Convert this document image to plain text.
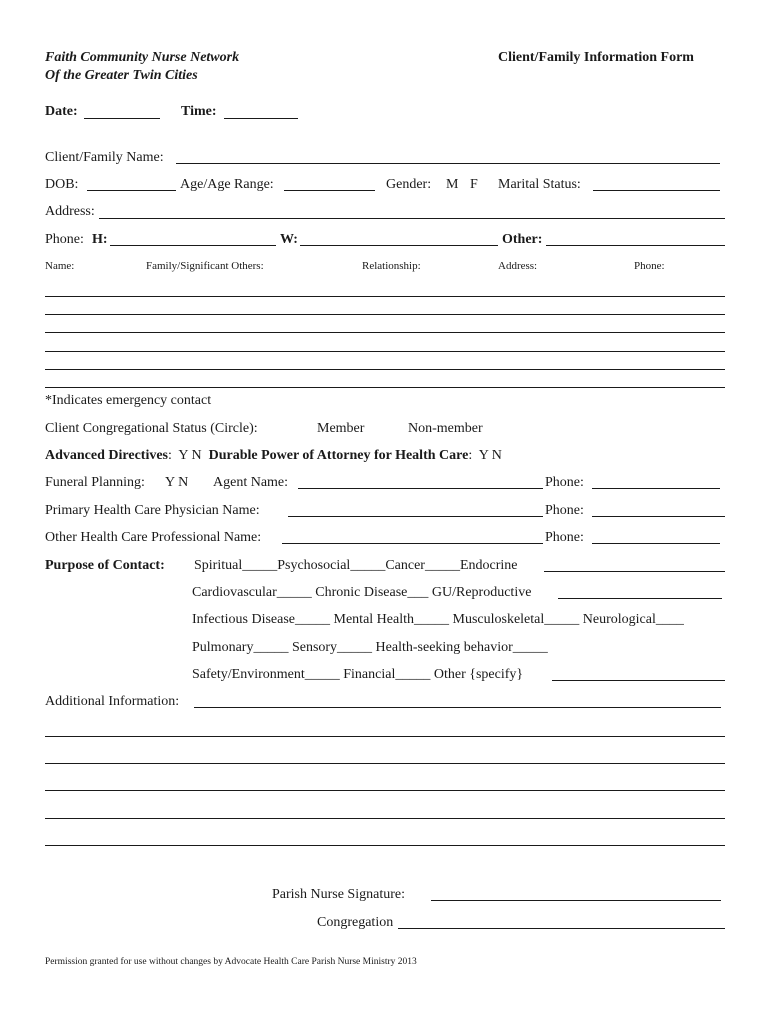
Faith Community Nurse Network
Of the Greater Twin Cities
Client/Family Information Form
Date:	Time:
Client/Family Name:
DOB:	Age/Age Range:	Gender: M F Marital Status:
Address:
Phone: H:	W:	Other:
Name:	Family/Significant Others:	Relationship:	Address:	Phone:
*Indicates emergency contact
Client Congregational Status (Circle):	Member	Non-member
Advanced Directives:  Y N Durable Power of Attorney for Health Care:  Y N
Funeral Planning: Y N Agent Name:	Phone:
Primary Health Care Physician Name:	Phone:
Other Health Care Professional Name:	Phone:
Purpose of Contact: Spiritual_____Psychosocial_____Cancer_____Endocrine
Cardiovascular_____ Chronic Disease___ GU/Reproductive
Infectious Disease_____ Mental Health_____ Musculoskeletal_____ Neurological____
Pulmonary_____ Sensory_____ Health-seeking behavior_____
Safety/Environment_____ Financial_____ Other {specify}
Additional Information:
Parish Nurse Signature:
Congregation
Permission granted for use without changes by Advocate Health Care Parish Nurse Ministry 2013
